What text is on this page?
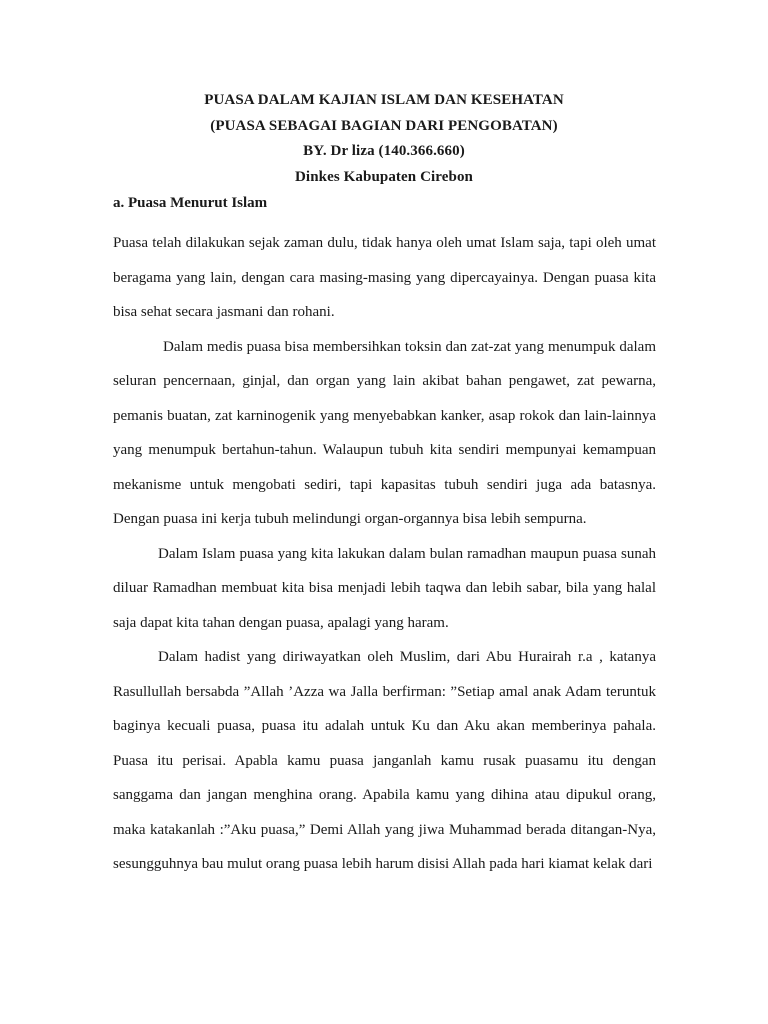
PUASA DALAM KAJIAN ISLAM DAN KESEHATAN
(PUASA SEBAGAI BAGIAN DARI PENGOBATAN)
BY. Dr liza (140.366.660)
Dinkes Kabupaten Cirebon
a. Puasa Menurut Islam

Puasa telah dilakukan sejak zaman dulu, tidak hanya oleh umat Islam saja, tapi oleh umat beragama yang lain, dengan cara masing-masing yang dipercayainya. Dengan puasa kita bisa sehat secara jasmani dan rohani.

Dalam medis puasa bisa membersihkan toksin dan zat-zat yang menumpuk dalam seluran pencernaan, ginjal, dan organ yang lain akibat bahan pengawet, zat pewarna, pemanis buatan, zat karninogenik yang menyebabkan kanker, asap rokok dan lain-lainnya yang menumpuk bertahun-tahun. Walaupun tubuh kita sendiri mempunyai kemampuan mekanisme untuk mengobati sediri, tapi kapasitas tubuh sendiri juga ada batasnya. Dengan puasa ini kerja tubuh melindungi organ-organnya bisa lebih sempurna.

Dalam Islam puasa yang kita lakukan dalam bulan ramadhan maupun puasa sunah diluar Ramadhan membuat kita bisa menjadi lebih taqwa dan lebih sabar, bila yang halal saja dapat kita tahan dengan puasa, apalagi yang haram.

Dalam hadist yang diriwayatkan oleh Muslim, dari Abu Hurairah r.a , katanya Rasullullah bersabda ”Allah ’Azza wa Jalla berfirman: ”Setiap amal anak Adam teruntuk baginya kecuali puasa, puasa itu adalah untuk Ku dan Aku akan memberinya pahala. Puasa itu perisai. Apabla kamu puasa janganlah kamu rusak puasamu itu dengan sanggama dan jangan menghina orang. Apabila kamu yang dihina atau dipukul orang, maka katakanlah :”Aku puasa,” Demi Allah yang jiwa Muhammad berada ditangan-Nya, sesungguhnya bau mulut orang puasa lebih harum disisi Allah pada hari kiamat kelak dari
